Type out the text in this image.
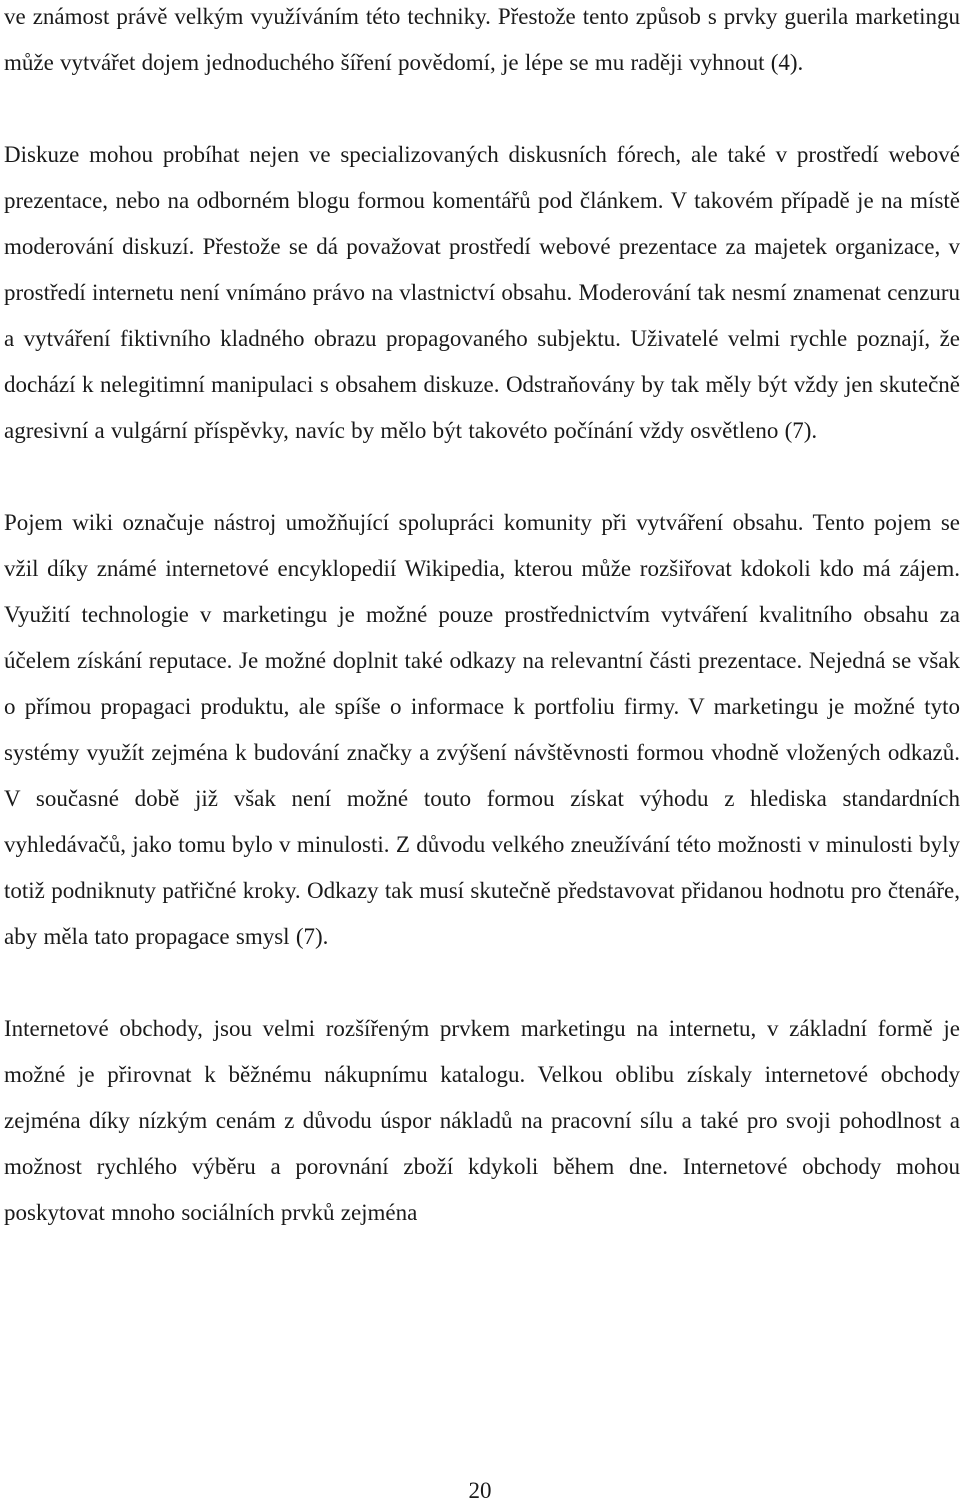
ve známost právě velkým využíváním této techniky. Přestože tento způsob s prvky guerila marketingu může vytvářet dojem jednoduchého šíření povědomí, je lépe se mu raději vyhnout (4).

Diskuze mohou probíhat nejen ve specializovaných diskusních fórech, ale také v prostředí webové prezentace, nebo na odborném blogu formou komentářů pod článkem. V takovém případě je na místě moderování diskuzí. Přestože se dá považovat prostředí webové prezentace za majetek organizace, v prostředí internetu není vnímáno právo na vlastnictví obsahu. Moderování tak nesmí znamenat cenzuru a vytváření fiktivního kladného obrazu propagovaného subjektu. Uživatelé velmi rychle poznají, že dochází k nelegitimní manipulaci s obsahem diskuze. Odstraňovány by tak měly být vždy jen skutečně agresivní a vulgární příspěvky, navíc by mělo být takovéto počínání vždy osvětleno (7).

Pojem wiki označuje nástroj umožňující spolupráci komunity při vytváření obsahu. Tento pojem se vžil díky známé internetové encyklopedií Wikipedia, kterou může rozšiřovat kdokoli kdo má zájem. Využití technologie v marketingu je možné pouze prostřednictvím vytváření kvalitního obsahu za účelem získání reputace. Je možné doplnit také odkazy na relevantní části prezentace. Nejedná se však o přímou propagaci produktu, ale spíše o informace k portfoliu firmy. V marketingu je možné tyto systémy využít zejména k budování značky a zvýšení návštěvnosti formou vhodně vložených odkazů. V současné době již však není možné touto formou získat výhodu z hlediska standardních vyhledávačů, jako tomu bylo v minulosti. Z důvodu velkého zneužívání této možnosti v minulosti byly totiž podniknuty patřičné kroky. Odkazy tak musí skutečně představovat přidanou hodnotu pro čtenáře, aby měla tato propagace smysl (7).

Internetové obchody, jsou velmi rozšířeným prvkem marketingu na internetu, v základní formě je možné je přirovnat k běžnému nákupnímu katalogu. Velkou oblibu získaly internetové obchody zejména díky nízkým cenám z důvodu úspor nákladů na pracovní sílu a také pro svoji pohodlnost a možnost rychlého výběru a porovnání zboží kdykoli během dne. Internetové obchody mohou poskytovat mnoho sociálních prvků zejména

20
